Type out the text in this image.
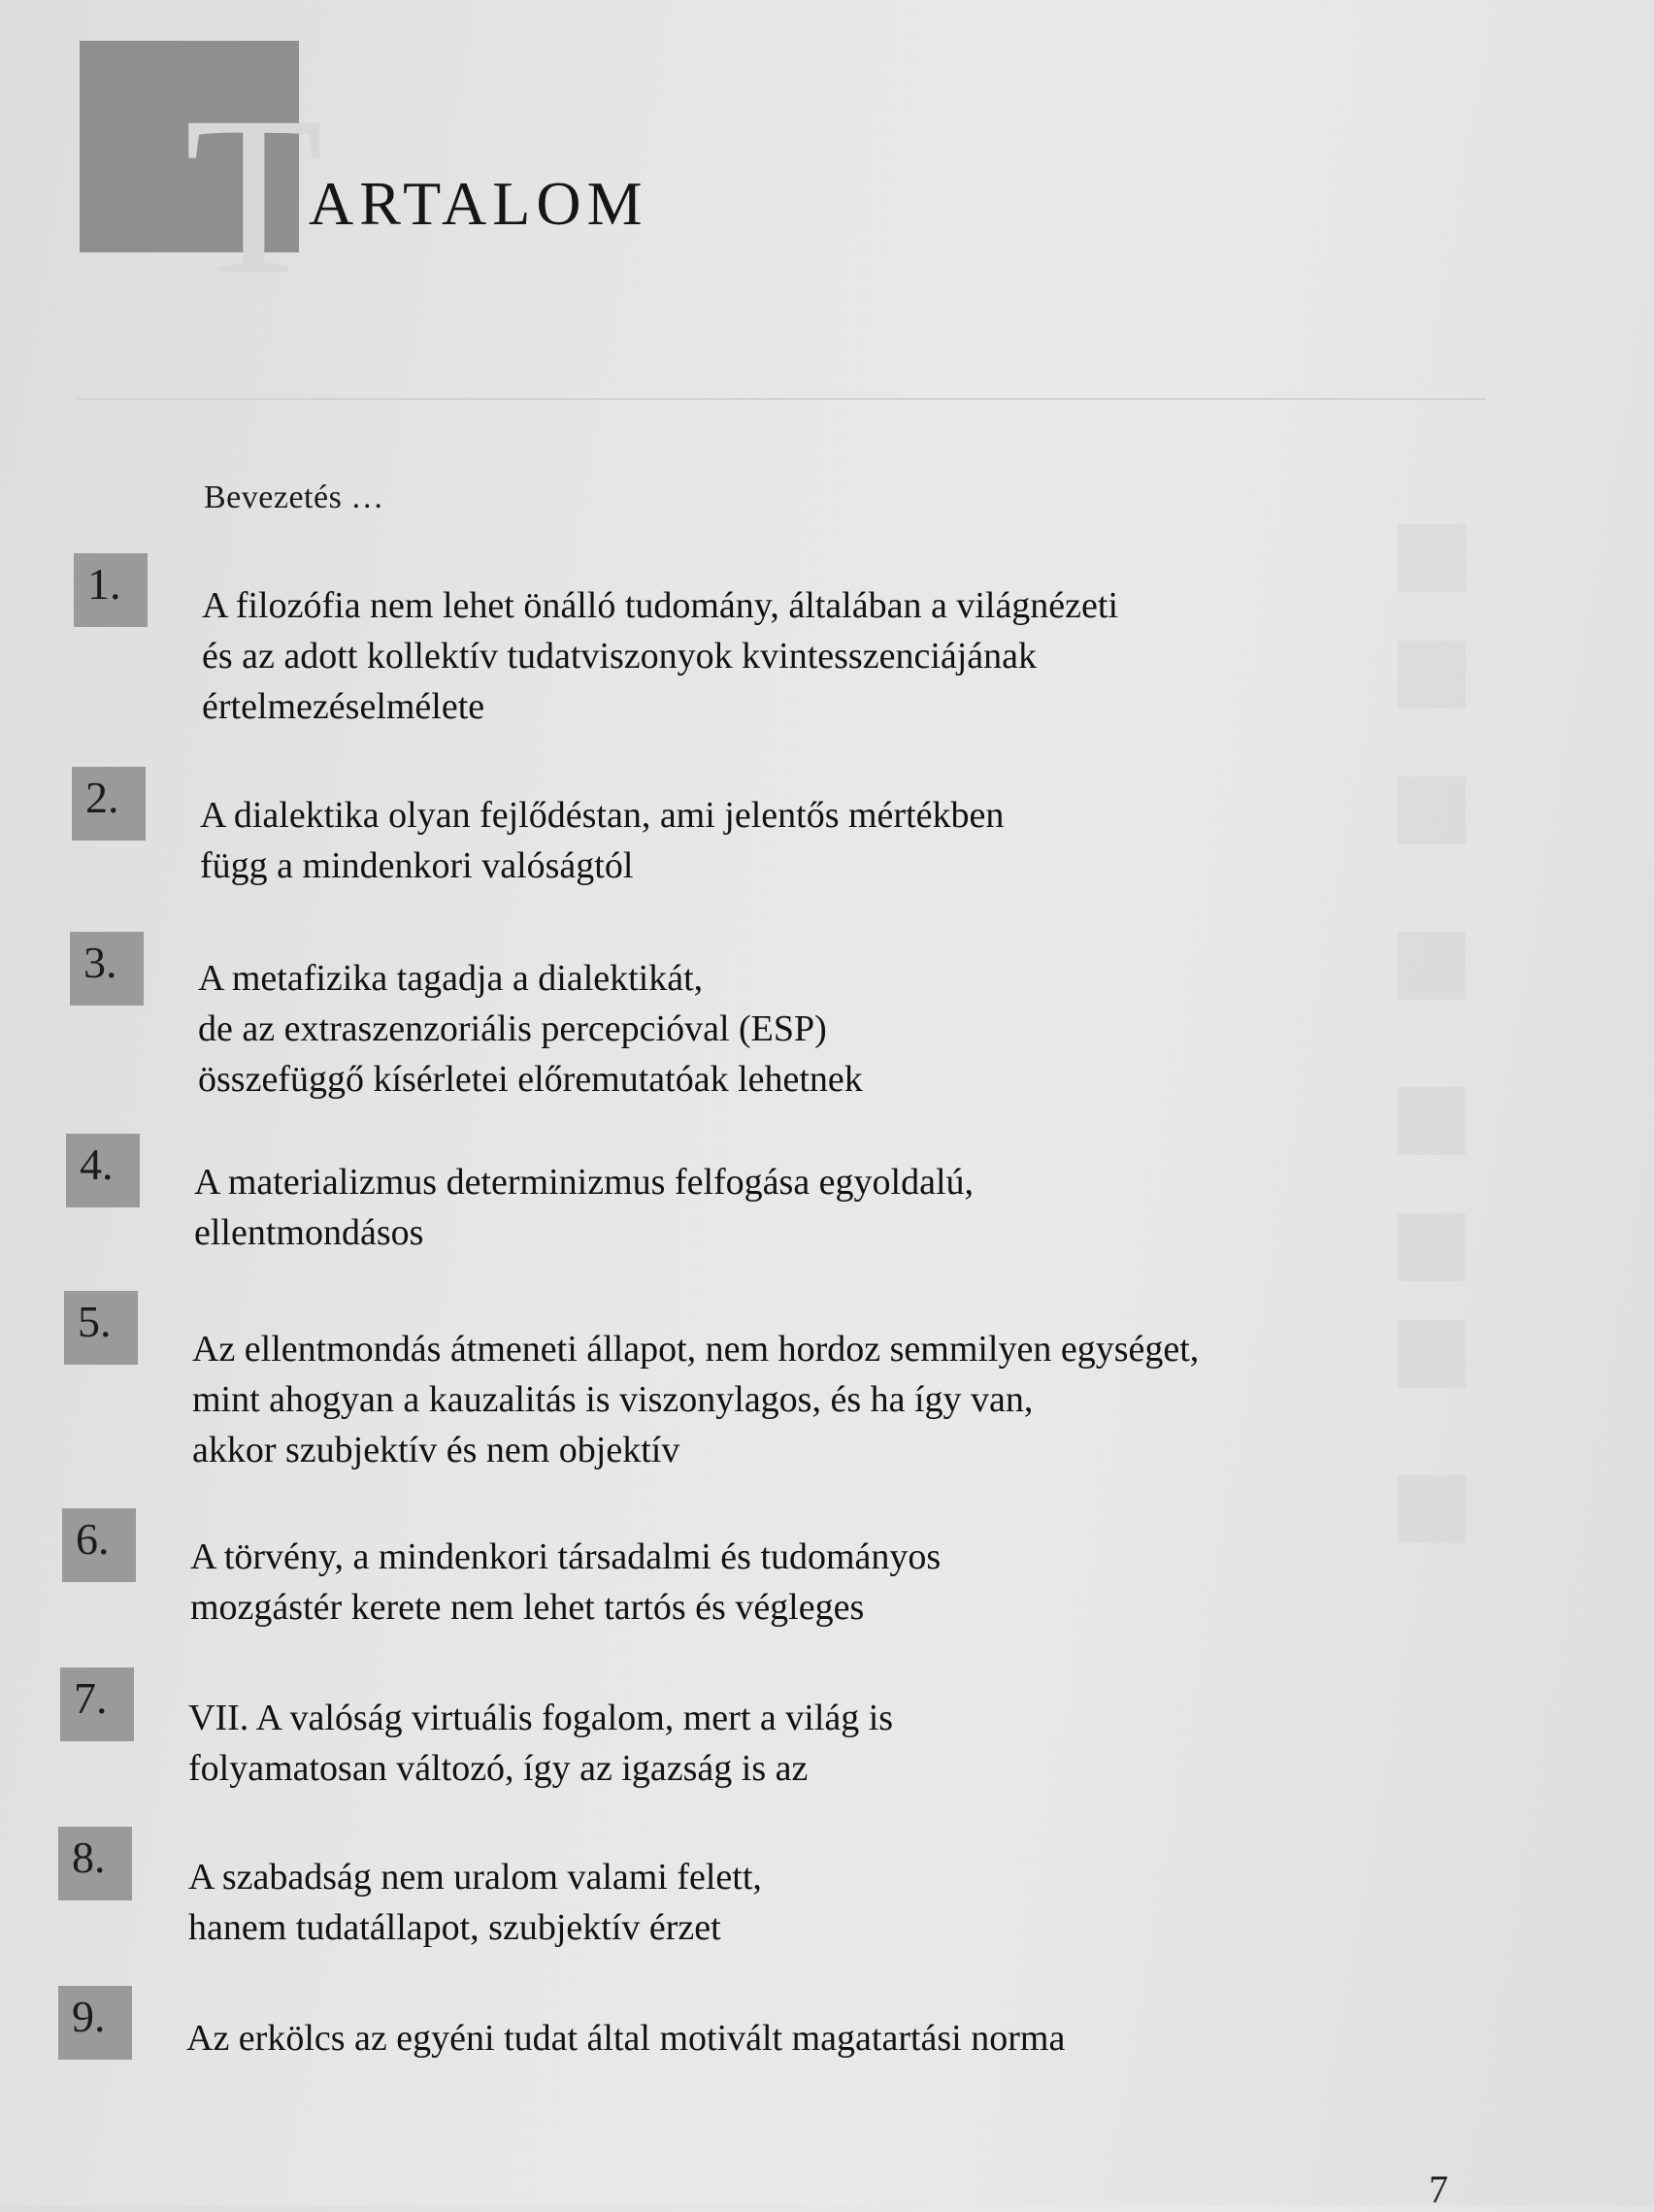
T
ARTALOM
Bevezetés …
1. A filozófia nem lehet önálló tudomány, általában a világnézeti
és az adott kollektív tudatviszonyok kvintesszenciájának
értelmezéselmélete
2. A dialektika olyan fejlődéstan, ami jelentős mértékben
függ a mindenkori valóságtól
3. A metafizika tagadja a dialektikát,
de az extraszenzoriális percepcióval (ESP)
összefüggő kísérletei előremutatóak lehetnek
4. A materializmus determinizmus felfogása egyoldalú,
ellentmondásos
5.
Az ellentmondás átmeneti állapot, nem hordoz semmilyen egységet,
mint ahogyan a kauzalitás is viszonylagos, és ha így van,
akkor szubjektív és nem objektív
6. A törvény, a mindenkori társadalmi és tudományos
mozgástér kerete nem lehet tartós és végleges
7. VII. A valóság virtuális fogalom, mert a világ is
folyamatosan változó, így az igazság is az
8. A szabadság nem uralom valami felett,
hanem tudatállapot, szubjektív érzet
9. Az erkölcs az egyéni tudat által motivált magatartási norma
7
